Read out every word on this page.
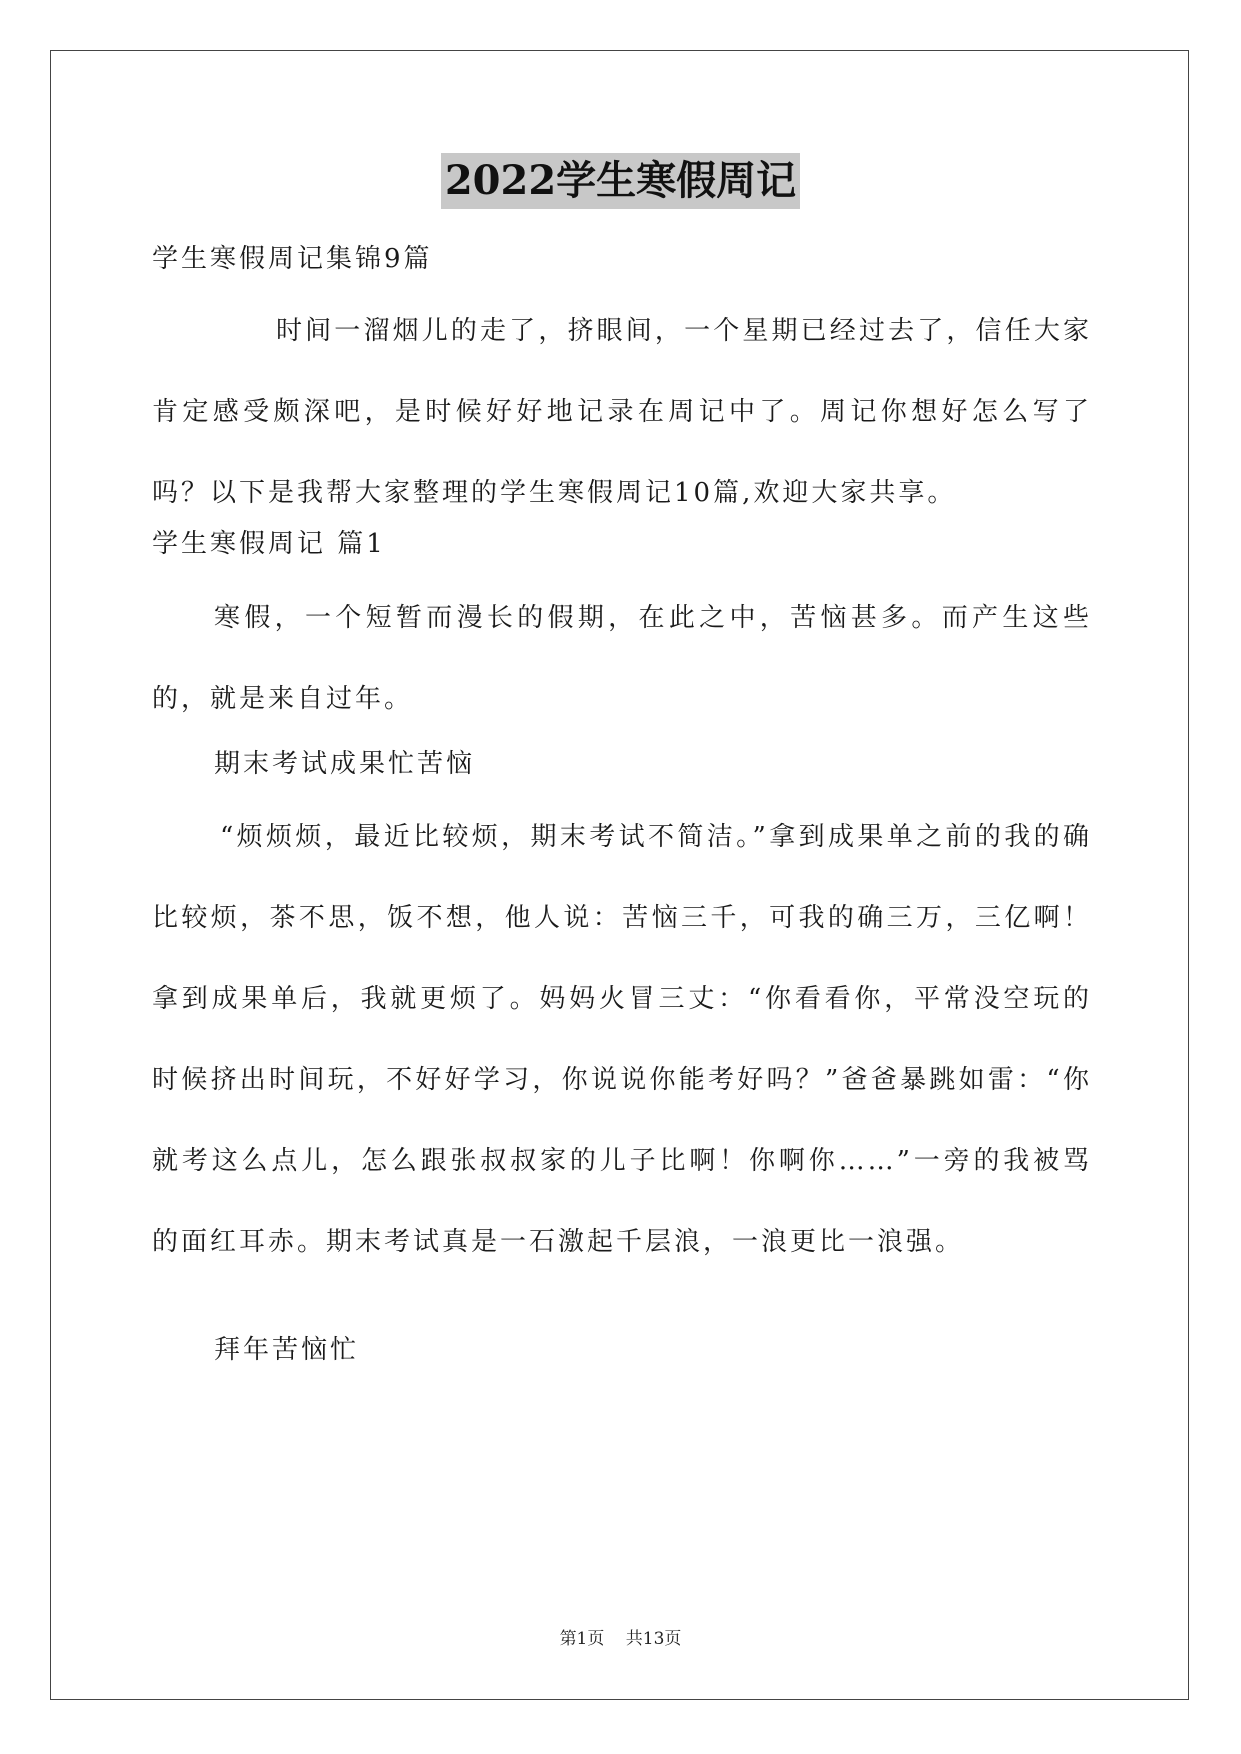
2022学生寒假周记

学生寒假周记集锦9篇

时间一溜烟儿的走了，挤眼间，一个星期已经过去了，信任大家肯定感受颇深吧，是时候好好地记录在周记中了。周记你想好怎么写了吗？以下是我帮大家整理的学生寒假周记10篇,欢迎大家共享。

学生寒假周记 篇1

寒假，一个短暂而漫长的假期，在此之中，苦恼甚多。而产生这些的，就是来自过年。

期末考试成果忙苦恼

“烦烦烦，最近比较烦，期末考试不简洁。”拿到成果单之前的我的确比较烦，茶不思，饭不想，他人说：苦恼三千，可我的确三万，三亿啊！拿到成果单后，我就更烦了。妈妈火冒三丈：“你看看你，平常没空玩的时候挤出时间玩，不好好学习，你说说你能考好吗？”爸爸暴跳如雷：“你就考这么点儿，怎么跟张叔叔家的儿子比啊！你啊你……”一旁的我被骂的面红耳赤。期末考试真是一石激起千层浪，一浪更比一浪强。

拜年苦恼忙

第1页 共13页
